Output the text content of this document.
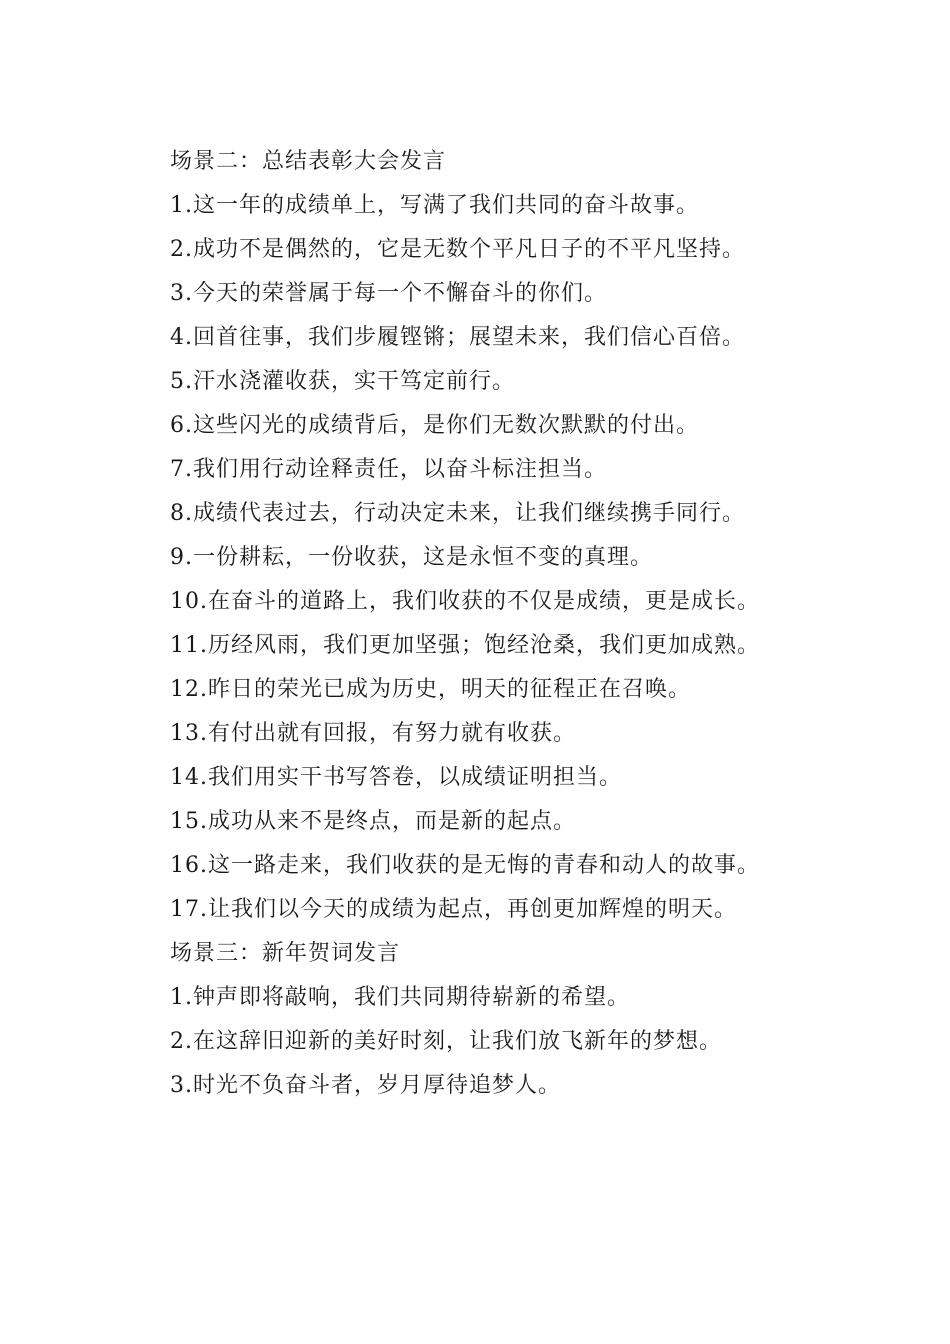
场景二：总结表彰大会发言
1.这一年的成绩单上，写满了我们共同的奋斗故事。
2.成功不是偶然的，它是无数个平凡日子的不平凡坚持。
3.今天的荣誉属于每一个不懈奋斗的你们。
4.回首往事，我们步履铿锵；展望未来，我们信心百倍。
5.汗水浇灌收获，实干笃定前行。
6.这些闪光的成绩背后，是你们无数次默默的付出。
7.我们用行动诠释责任，以奋斗标注担当。
8.成绩代表过去，行动决定未来，让我们继续携手同行。
9.一份耕耘，一份收获，这是永恒不变的真理。
10.在奋斗的道路上，我们收获的不仅是成绩，更是成长。
11.历经风雨，我们更加坚强；饱经沧桑，我们更加成熟。
12.昨日的荣光已成为历史，明天的征程正在召唤。
13.有付出就有回报，有努力就有收获。
14.我们用实干书写答卷，以成绩证明担当。
15.成功从来不是终点，而是新的起点。
16.这一路走来，我们收获的是无悔的青春和动人的故事。
17.让我们以今天的成绩为起点，再创更加辉煌的明天。
场景三：新年贺词发言
1.钟声即将敲响，我们共同期待崭新的希望。
2.在这辞旧迎新的美好时刻，让我们放飞新年的梦想。
3.时光不负奋斗者，岁月厚待追梦人。
